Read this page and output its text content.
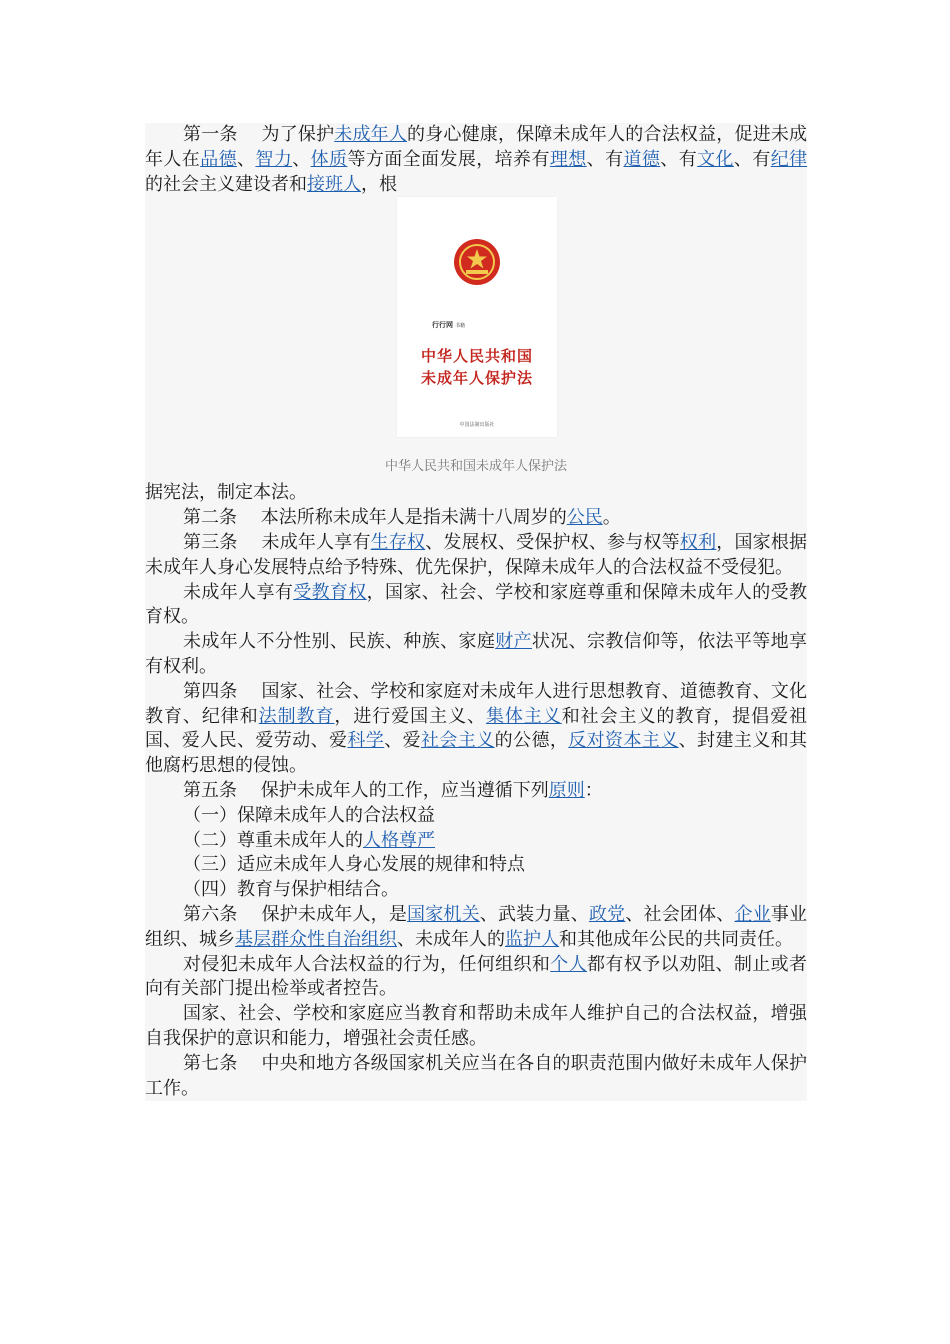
第一条  为了保护未成年人的身心健康，保障未成年人的合法权益，促进未成年人在品德、智力、体质等方面全面发展，培养有理想、有道德、有文化、有纪律的社会主义建设者和接班人，根

行行网 书籍
中华人民共和国
未成年人保护法
中国法制出版社
中华人民共和国未成年人保护法

据宪法，制定本法。

第二条  本法所称未成年人是指未满十八周岁的公民。

第三条  未成年人享有生存权、发展权、受保护权、参与权等权利，国家根据未成年人身心发展特点给予特殊、优先保护，保障未成年人的合法权益不受侵犯。

未成年人享有受教育权，国家、社会、学校和家庭尊重和保障未成年人的受教育权。

未成年人不分性别、民族、种族、家庭财产状况、宗教信仰等，依法平等地享有权利。

第四条  国家、社会、学校和家庭对未成年人进行思想教育、道德教育、文化教育、纪律和法制教育，进行爱国主义、集体主义和社会主义的教育，提倡爱祖国、爱人民、爱劳动、爱科学、爱社会主义的公德，反对资本主义、封建主义和其他腐朽思想的侵蚀。

第五条  保护未成年人的工作，应当遵循下列原则：

（一）保障未成年人的合法权益

（二）尊重未成年人的人格尊严

（三）适应未成年人身心发展的规律和特点

（四）教育与保护相结合。

第六条  保护未成年人，是国家机关、武装力量、政党、社会团体、企业事业组织、城乡基层群众性自治组织、未成年人的监护人和其他成年公民的共同责任。

对侵犯未成年人合法权益的行为，任何组织和个人都有权予以劝阻、制止或者向有关部门提出检举或者控告。

国家、社会、学校和家庭应当教育和帮助未成年人维护自己的合法权益，增强自我保护的意识和能力，增强社会责任感。

第七条  中央和地方各级国家机关应当在各自的职责范围内做好未成年人保护工作。
